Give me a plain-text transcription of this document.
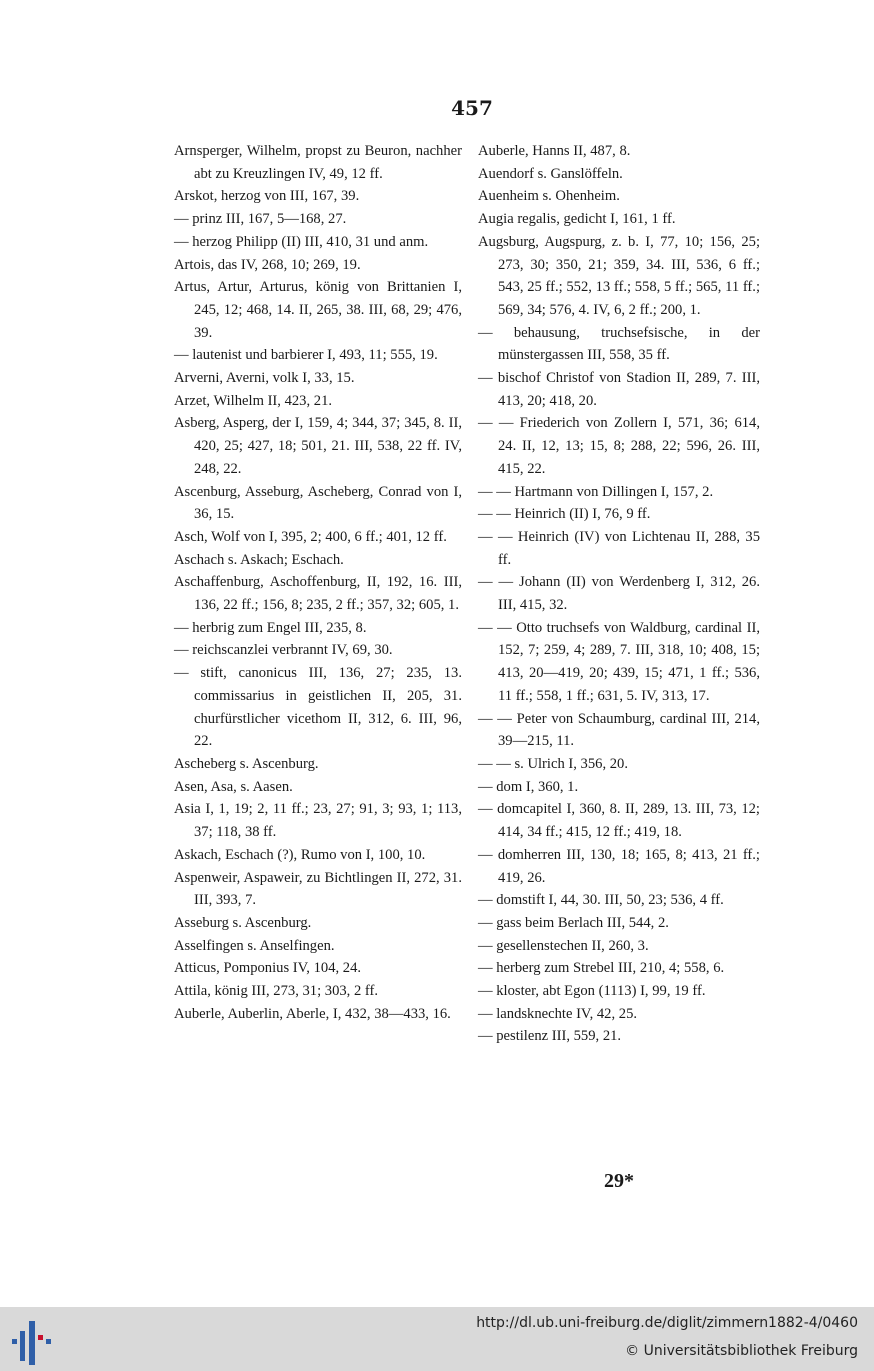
457
Arnsperger, Wilhelm, propst zu Beuron, nachher abt zu Kreuzlingen IV, 49, 12 ff.
Arskot, herzog von III, 167, 39.
— prinz III, 167, 5—168, 27.
— herzog Philipp (II) III, 410, 31 und anm.
Artois, das IV, 268, 10; 269, 19.
Artus, Artur, Arturus, könig von Brittanien I, 245, 12; 468, 14. II, 265, 38. III, 68, 29; 476, 39.
— lautenist und barbierer I, 493, 11; 555, 19.
Arverni, Averni, volk I, 33, 15.
Arzet, Wilhelm II, 423, 21.
Asberg, Asperg, der I, 159, 4; 344, 37; 345, 8. II, 420, 25; 427, 18; 501, 21. III, 538, 22 ff. IV, 248, 22.
Ascenburg, Asseburg, Ascheberg, Conrad von I, 36, 15.
Asch, Wolf von I, 395, 2; 400, 6 ff.; 401, 12 ff.
Aschach s. Askach; Eschach.
Aschaffenburg, Aschoffenburg, II, 192, 16. III, 136, 22 ff.; 156, 8; 235, 2 ff.; 357, 32; 605, 1.
— herbrig zum Engel III, 235, 8.
— reichscanzlei verbrannt IV, 69, 30.
— stift, canonicus III, 136, 27; 235, 13. commissarius in geistlichen II, 205, 31. churfürstlicher vicethom II, 312, 6. III, 96, 22.
Ascheberg s. Ascenburg.
Asen, Asa, s. Aasen.
Asia I, 1, 19; 2, 11 ff.; 23, 27; 91, 3; 93, 1; 113, 37; 118, 38 ff.
Askach, Eschach (?), Rumo von I, 100, 10.
Aspenweir, Aspaweir, zu Bichtlingen II, 272, 31. III, 393, 7.
Asseburg s. Ascenburg.
Asselfingen s. Anselfingen.
Atticus, Pomponius IV, 104, 24.
Attila, könig III, 273, 31; 303, 2 ff.
Auberle, Auberlin, Aberle, I, 432, 38—433, 16.
Auberle, Hanns II, 487, 8.
Auendorf s. Ganslöffeln.
Auenheim s. Ohenheim.
Augia regalis, gedicht I, 161, 1 ff.
Augsburg, Augspurg, z. b. I, 77, 10; 156, 25; 273, 30; 350, 21; 359, 34. III, 536, 6 ff.; 543, 25 ff.; 552, 13 ff.; 558, 5 ff.; 565, 11 ff.; 569, 34; 576, 4. IV, 6, 2 ff.; 200, 1.
— behausung, truchsefsische, in der münstergassen III, 558, 35 ff.
— bischof Christof von Stadion II, 289, 7. III, 413, 20; 418, 20.
— — Friederich von Zollern I, 571, 36; 614, 24. II, 12, 13; 15, 8; 288, 22; 596, 26. III, 415, 22.
— — Hartmann von Dillingen I, 157, 2.
— — Heinrich (II) I, 76, 9 ff.
— — Heinrich (IV) von Lichtenau II, 288, 35 ff.
— — Johann (II) von Werdenberg I, 312, 26. III, 415, 32.
— — Otto truchsefs von Waldburg, cardinal II, 152, 7; 259, 4; 289, 7. III, 318, 10; 408, 15; 413, 20—419, 20; 439, 15; 471, 1 ff.; 536, 11 ff.; 558, 1 ff.; 631, 5. IV, 313, 17.
— — Peter von Schaumburg, cardinal III, 214, 39—215, 11.
— — s. Ulrich I, 356, 20.
— dom I, 360, 1.
— domcapitel I, 360, 8. II, 289, 13. III, 73, 12; 414, 34 ff.; 415, 12 ff.; 419, 18.
— domherren III, 130, 18; 165, 8; 413, 21 ff.; 419, 26.
— domstift I, 44, 30. III, 50, 23; 536, 4 ff.
— gass beim Berlach III, 544, 2.
— gesellenstechen II, 260, 3.
— herberg zum Strebel III, 210, 4; 558, 6.
— kloster, abt Egon (1113) I, 99, 19 ff.
— landsknechte IV, 42, 25.
— pestilenz III, 559, 21.
29*
http://dl.ub.uni-freiburg.de/diglit/zimmern1882-4/0460
© Universitätsbibliothek Freiburg
